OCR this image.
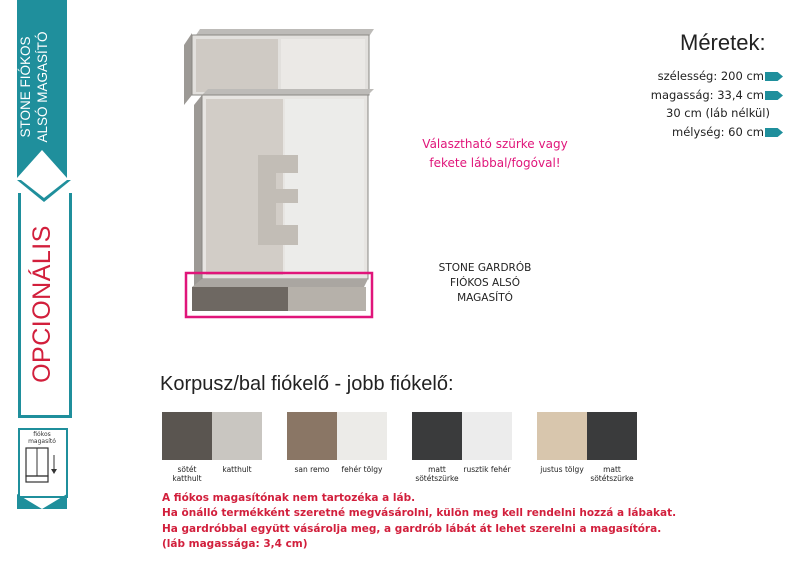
STONE FIÓKOS ALSÓ MAGASÍTÓ
OPCIONÁLIS
fiókos magasító
Méretek:
szélesség: 200 cm
magasság: 33,4 cm
30 cm (láb nélkül)
mélység: 60 cm
Választható szürke vagy
fekete lábbal/fogóval!
STONE GARDRÓB
FIÓKOS ALSÓ
MAGASÍTÓ
Korpusz/bal fiókelő - jobb fiókelő:
sötét katthult
katthult	san remo	fehér tölgy	matt sötétszürke
rusztik fehér	justus tölgy	matt sötétszürke
A fiókos magasítónak nem tartozéka a láb.
Ha önálló termékként szeretné megvásárolni, külön meg kell rendelni hozzá a lábakat.
Ha gardróbbal együtt vásárolja meg, a gardrób lábát át lehet szerelni a magasítóra.
(láb magassága: 3,4 cm)
